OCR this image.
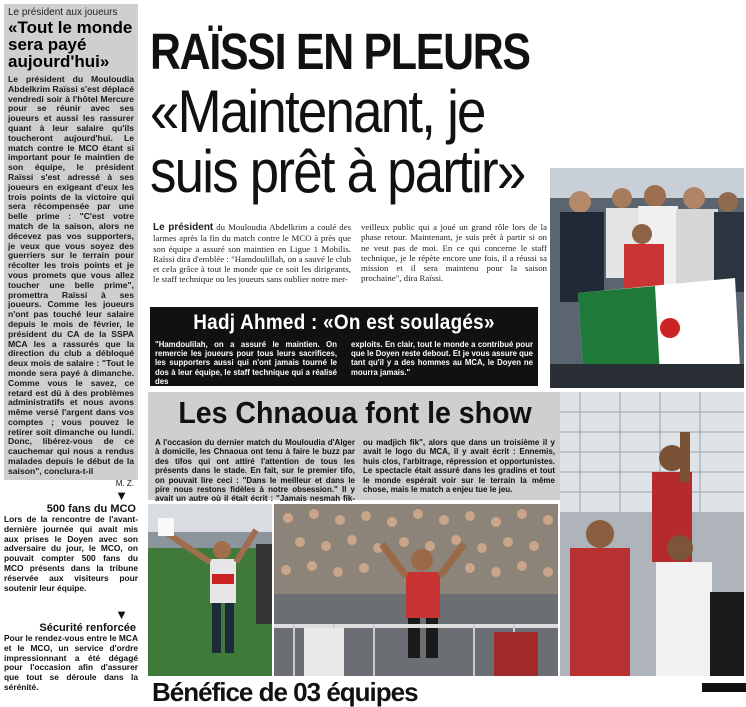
Le président aux joueurs
«Tout le monde sera payé aujourd'hui»
Le président du Mouloudia Abdelkrim Raïssi s'est déplacé vendredi soir à l'hôtel Mercure pour se réunir avec ses joueurs et aussi les rassurer quant à leur salaire qu'ils toucheront aujourd'hui. Le match contre le MCO étant si important pour le maintien de son équipe, le président Raïssi s'est adressé à ses joueurs en exigeant d'eux les trois points de la victoire qui sera récompensée par une belle prime : "C'est votre match de la saison, alors ne décevez pas vos supporters, je veux que vous soyez des guerriers sur le terrain pour récolter les trois points et je vous promets que vous allez toucher une belle prime", promettra Raïssi à ses joueurs. Comme les joueurs n'ont pas touché leur salaire depuis le mois de février, le président du CA de la SSPA MCA les a rassurés que la direction du club a débloqué deux mois de salaire : "Tout le monde sera payé à dimanche. Comme vous le savez, ce retard est dû à des problèmes administratifs et nous avons même versé l'argent dans vos comptes ; vous pouvez le retirer soit dimanche ou lundi. Donc, libérez-vous de ce cauchemar qui nous a rendus malades depuis le début de la saison", conclura-t-il
M. Z.
▼
500 fans du MCO

Lors de la rencontre de l'avant-dernière journée qui avait mis aux prises le Doyen avec son adversaire du jour, le MCO, on pouvait compter 500 fans du MCO présents dans la tribune réservée aux visiteurs pour soutenir leur équipe.

▼
Sécurité renforcée

Pour le rendez-vous entre le MCA et le MCO, un service d'ordre impressionnant a été dégagé pour l'occasion afin d'assurer que tout se déroule dans la sérénité.

RAÏSSI EN PLEURS
«Maintenant, je suis prêt à partir»
Le président du Mouloudia Abdelkrim a coulé des larmes après la fin du match contre le MCO à près que son équipe a assuré son maintien en Ligue 1 Mobilis. Raïssi dira d'emblée : "Hamdoulillah, on a sauvé le club et cela grâce à tout le monde que ce soit les dirigeants, le staff technique ou les joueurs sans oublier notre mer-
veilleux public qui a joué un grand rôle lors de la phase retour. Maintenant, je suis prêt à partir si on ne veut pas de moi. En ce qui concerne le staff technique, je le répète encore une fois, il a réussi sa mission et il sera maintenu pour la saison prochaine", dira Raïssi.
Hadj Ahmed : «On est soulagés»

"Hamdoulilah, on a assuré le maintien. On remercie les joueurs pour tous leurs sacrifices, les supporters aussi qui n'ont jamais tourné le dos à leur équipe, le staff technique qui a réalisé des

exploits. En clair, tout le monde a contribué pour que le Doyen reste debout. Et je vous assure que tant qu'il y a des hommes au MCA, le Doyen ne mourra jamais."

Les Chnaoua font le show
A l'occasion du dernier match du Mouloudia d'Alger à domicile, les Chnaoua ont tenu à faire le buzz par des tifos qui ont attiré l'attention de tous les présents dans le stade. En fait, sur le premier tifo, on pouvait lire ceci : "Dans le meilleur et dans le pire nous restons fidèles à notre obsession." Il y avait un autre où il était écrit : "Jamais nesmah fik-
ou madjich fik", alors que dans un troisième il y avait le logo du MCA, il y avait écrit : Ennemis, huis clos, l'arbitrage, répression et opportunistes. Le spectacle était assuré dans les gradins et tout le monde espérait voir sur le terrain la même chose, mais le match a enjeu tue le jeu.
Bénéfice de 03 équipes
